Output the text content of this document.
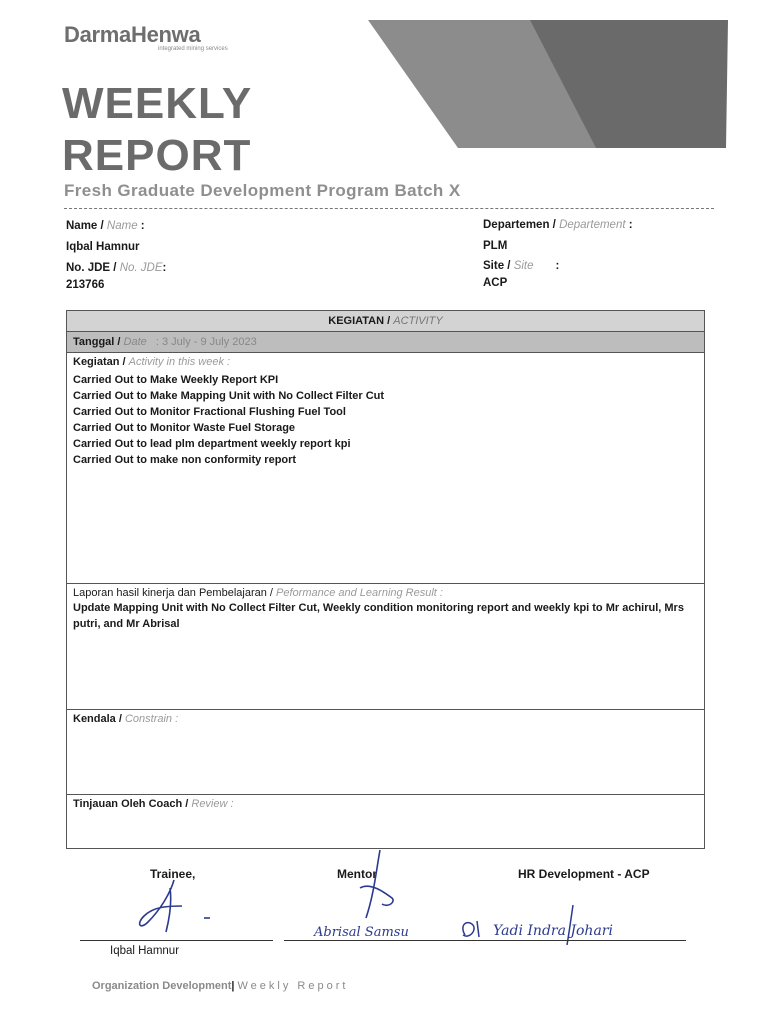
DarmaHenwa
integrated mining services
WEEKLY
REPORT
Fresh Graduate Development Program Batch X
Name / Name :
Iqbal Hamnur
No. JDE / No. JDE:
213766
Departemen / Departement :
PLM
Site / Site :
ACP
KEGIATAN / ACTIVITY
Tanggal / Date : 3 July - 9 July 2023
Kegiatan / Activity in this week :
Carried Out to Make Weekly Report KPI
Carried Out to Make Mapping Unit with No Collect Filter Cut
Carried Out to Monitor Fractional Flushing Fuel Tool
Carried Out to Monitor Waste Fuel Storage
Carried Out to lead plm department weekly report kpi
Carried Out to make non conformity report
Laporan hasil kinerja dan Pembelajaran / Peformance and Learning Result :
Update Mapping Unit with No Collect Filter Cut, Weekly condition monitoring report and weekly kpi to Mr achirul, Mrs putri, and Mr Abrisal
Kendala / Constrain :
Tinjauan Oleh Coach / Review :
Trainee,	Mentor	HR Development - ACP
Abrisal Samsu	Yadi Indra Johari
Iqbal Hamnur
Organization Development| Weekly Report
